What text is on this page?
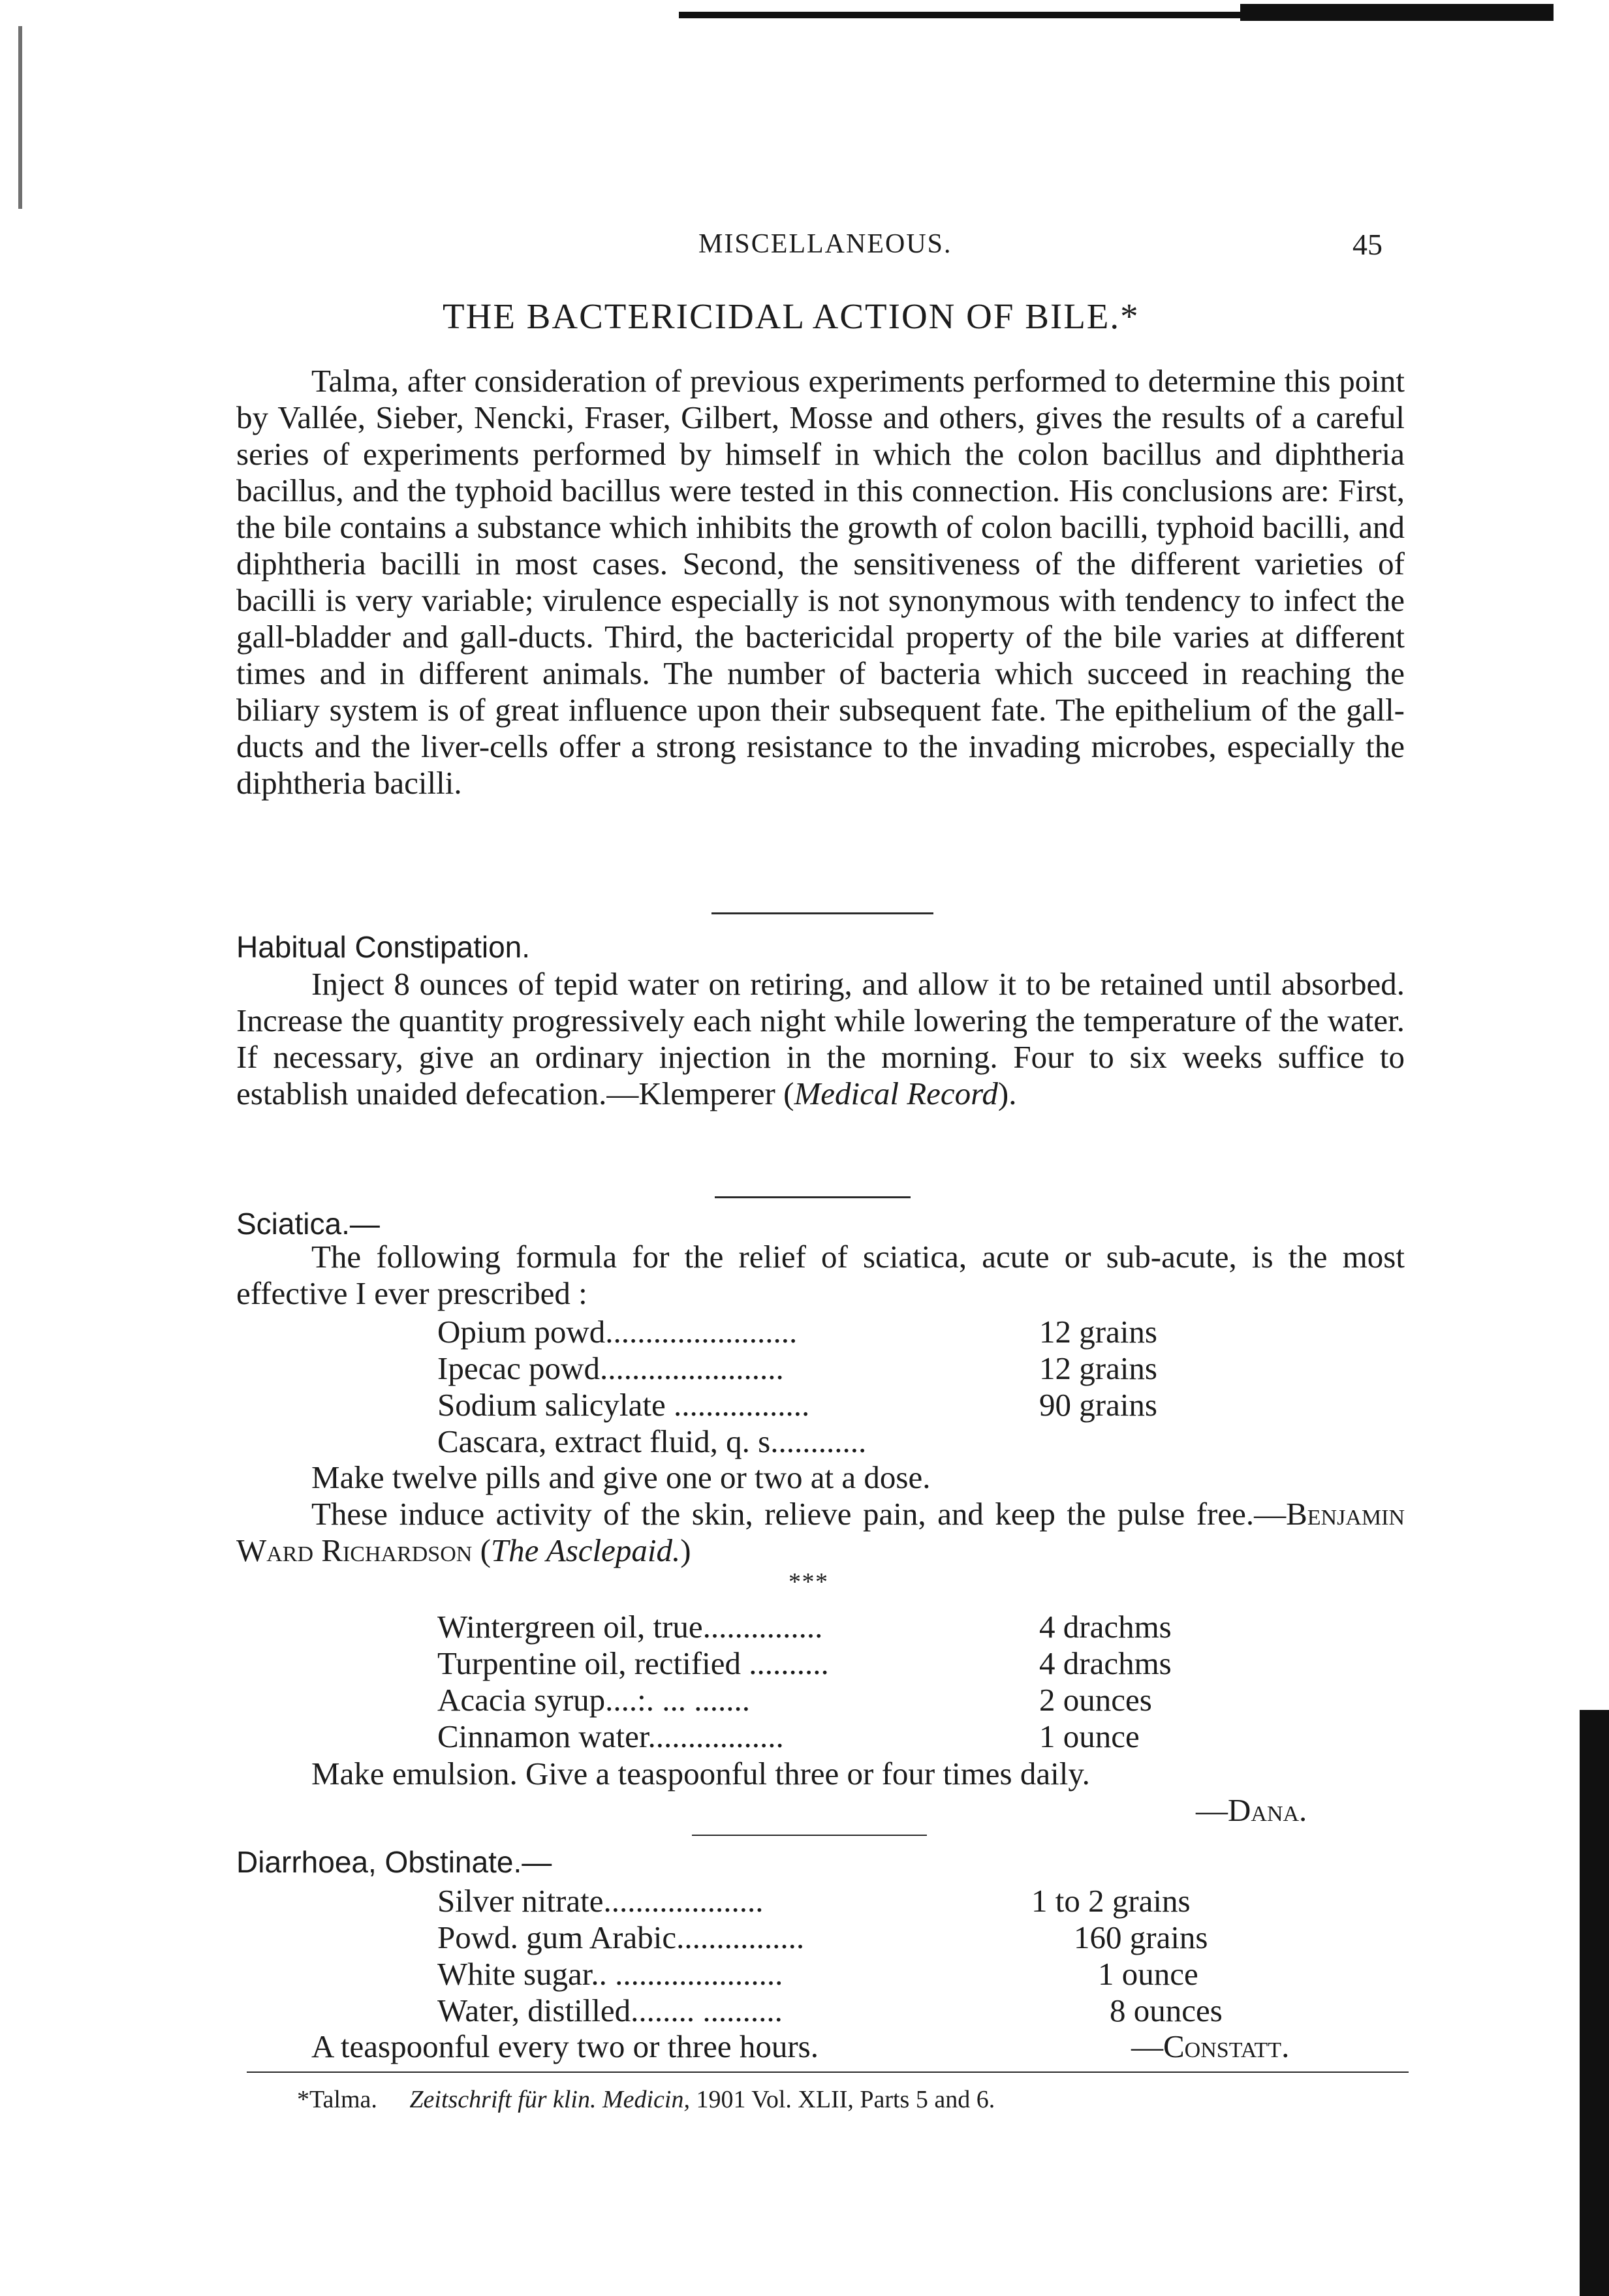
MISCELLANEOUS.	45
THE BACTERICIDAL ACTION OF BILE.*

Talma, after consideration of previous experiments performed to determine this point by Vallée, Sieber, Nencki, Fraser, Gilbert, Mosse and others, gives the results of a careful series of experiments performed by himself in which the colon bacillus and diphtheria bacillus, and the typhoid bacillus were tested in this connection. His conclusions are: First, the bile contains a substance which inhibits the growth of colon bacilli, typhoid bacilli, and diphtheria bacilli in most cases. Second, the sensitiveness of the different varieties of bacilli is very variable; virulence especially is not synonymous with tendency to infect the gall-bladder and gall-ducts. Third, the bactericidal property of the bile varies at different times and in different animals. The number of bacteria which succeed in reaching the biliary system is of great influence upon their subsequent fate. The epithelium of the gall-ducts and the liver-cells offer a strong resistance to the invading microbes, especially the diphtheria bacilli.

Habitual Constipation.

Inject 8 ounces of tepid water on retiring, and allow it to be retained until absorbed. Increase the quantity progressively each night while lowering the temperature of the water. If necessary, give an ordinary injection in the morning. Four to six weeks suffice to establish unaided defecation.—Klemperer (Medical Record).

Sciatica.—

The following formula for the relief of sciatica, acute or sub-acute, is the most effective I ever prescribed :

Opium powd........................	12 grains
Ipecac powd.......................	12 grains
Sodium salicylate .................	90 grains
Cascara, extract fluid, q. s............
Make twelve pills and give one or two at a dose.

These induce activity of the skin, relieve pain, and keep the pulse free.—Benjamin Ward Richardson (The Asclepaid.)

* * *
Wintergreen oil, true...............	4 drachms
Turpentine oil, rectified ..........	4 drachms
Acacia syrup....:. ... .......	2 ounces
Cinnamon water.................	1 ounce
Make emulsion. Give a teaspoonful three or four times daily.
—Dana.
Diarrhoea, Obstinate.—
Silver nitrate....................	1 to 2 grains
Powd. gum Arabic................	160 grains
White sugar.. .....................	1 ounce
Water, distilled........ ..........	8 ounces
A teaspoonful every two or three hours.	—Constatt.
*Talma. Zeitschrift für klin. Medicin, 1901 Vol. XLII, Parts 5 and 6.
